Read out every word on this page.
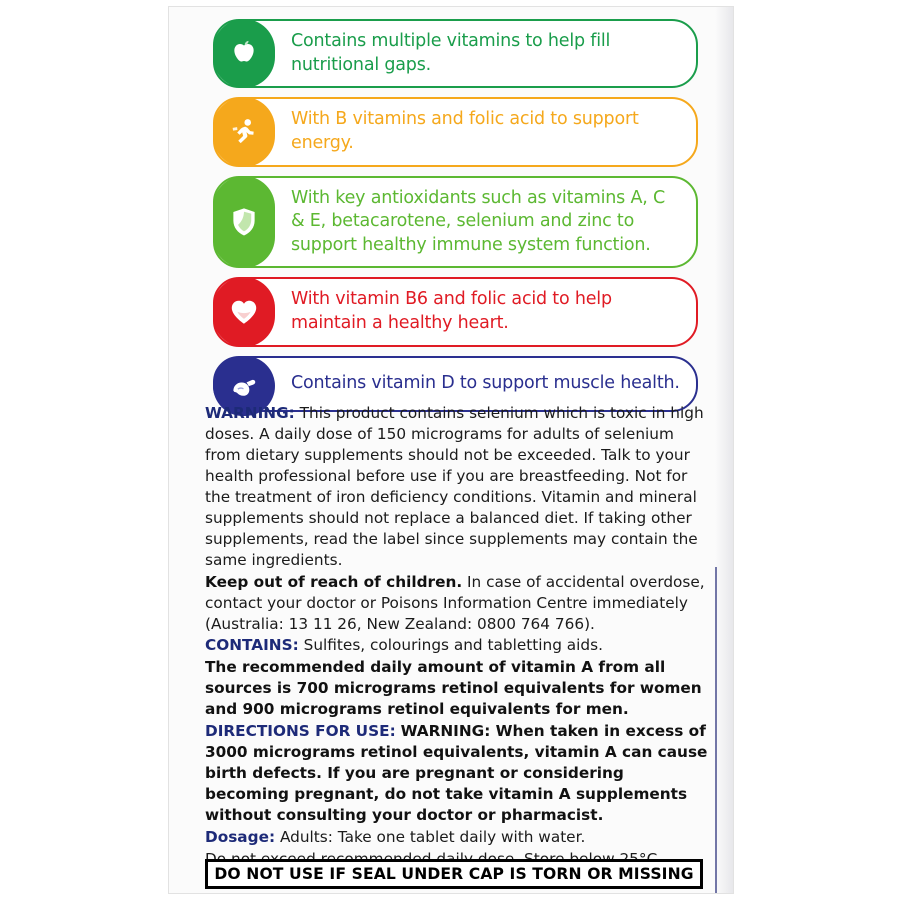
Contains multiple vitamins to help fill nutritional gaps.
With B vitamins and folic acid to support energy.
With key antioxidants such as vitamins A, C & E, betacarotene, selenium and zinc to support healthy immune system function.
With vitamin B6 and folic acid to help maintain a healthy heart.
Contains vitamin D to support muscle health.

WARNING: This product contains selenium which is toxic in high doses. A daily dose of 150 micrograms for adults of selenium from dietary supplements should not be exceeded. Talk to your health professional before use if you are breastfeeding. Not for the treatment of iron deficiency conditions. Vitamin and mineral supplements should not replace a balanced diet. If taking other supplements, read the label since supplements may contain the same ingredients.

Keep out of reach of children. In case of accidental overdose, contact your doctor or Poisons Information Centre immediately (Australia: 13 11 26, New Zealand: 0800 764 766).

CONTAINS: Sulfites, colourings and tabletting aids.

The recommended daily amount of vitamin A from all sources is 700 micrograms retinol equivalents for women and 900 micrograms retinol equivalents for men.

DIRECTIONS FOR USE: WARNING: When taken in excess of 3000 micrograms retinol equivalents, vitamin A can cause birth defects. If you are pregnant or considering becoming pregnant, do not take vitamin A supplements without consulting your doctor or pharmacist.

Dosage: Adults: Take one tablet daily with water.

DO NOT USE IF SEAL UNDER CAP IS TORN OR MISSING
